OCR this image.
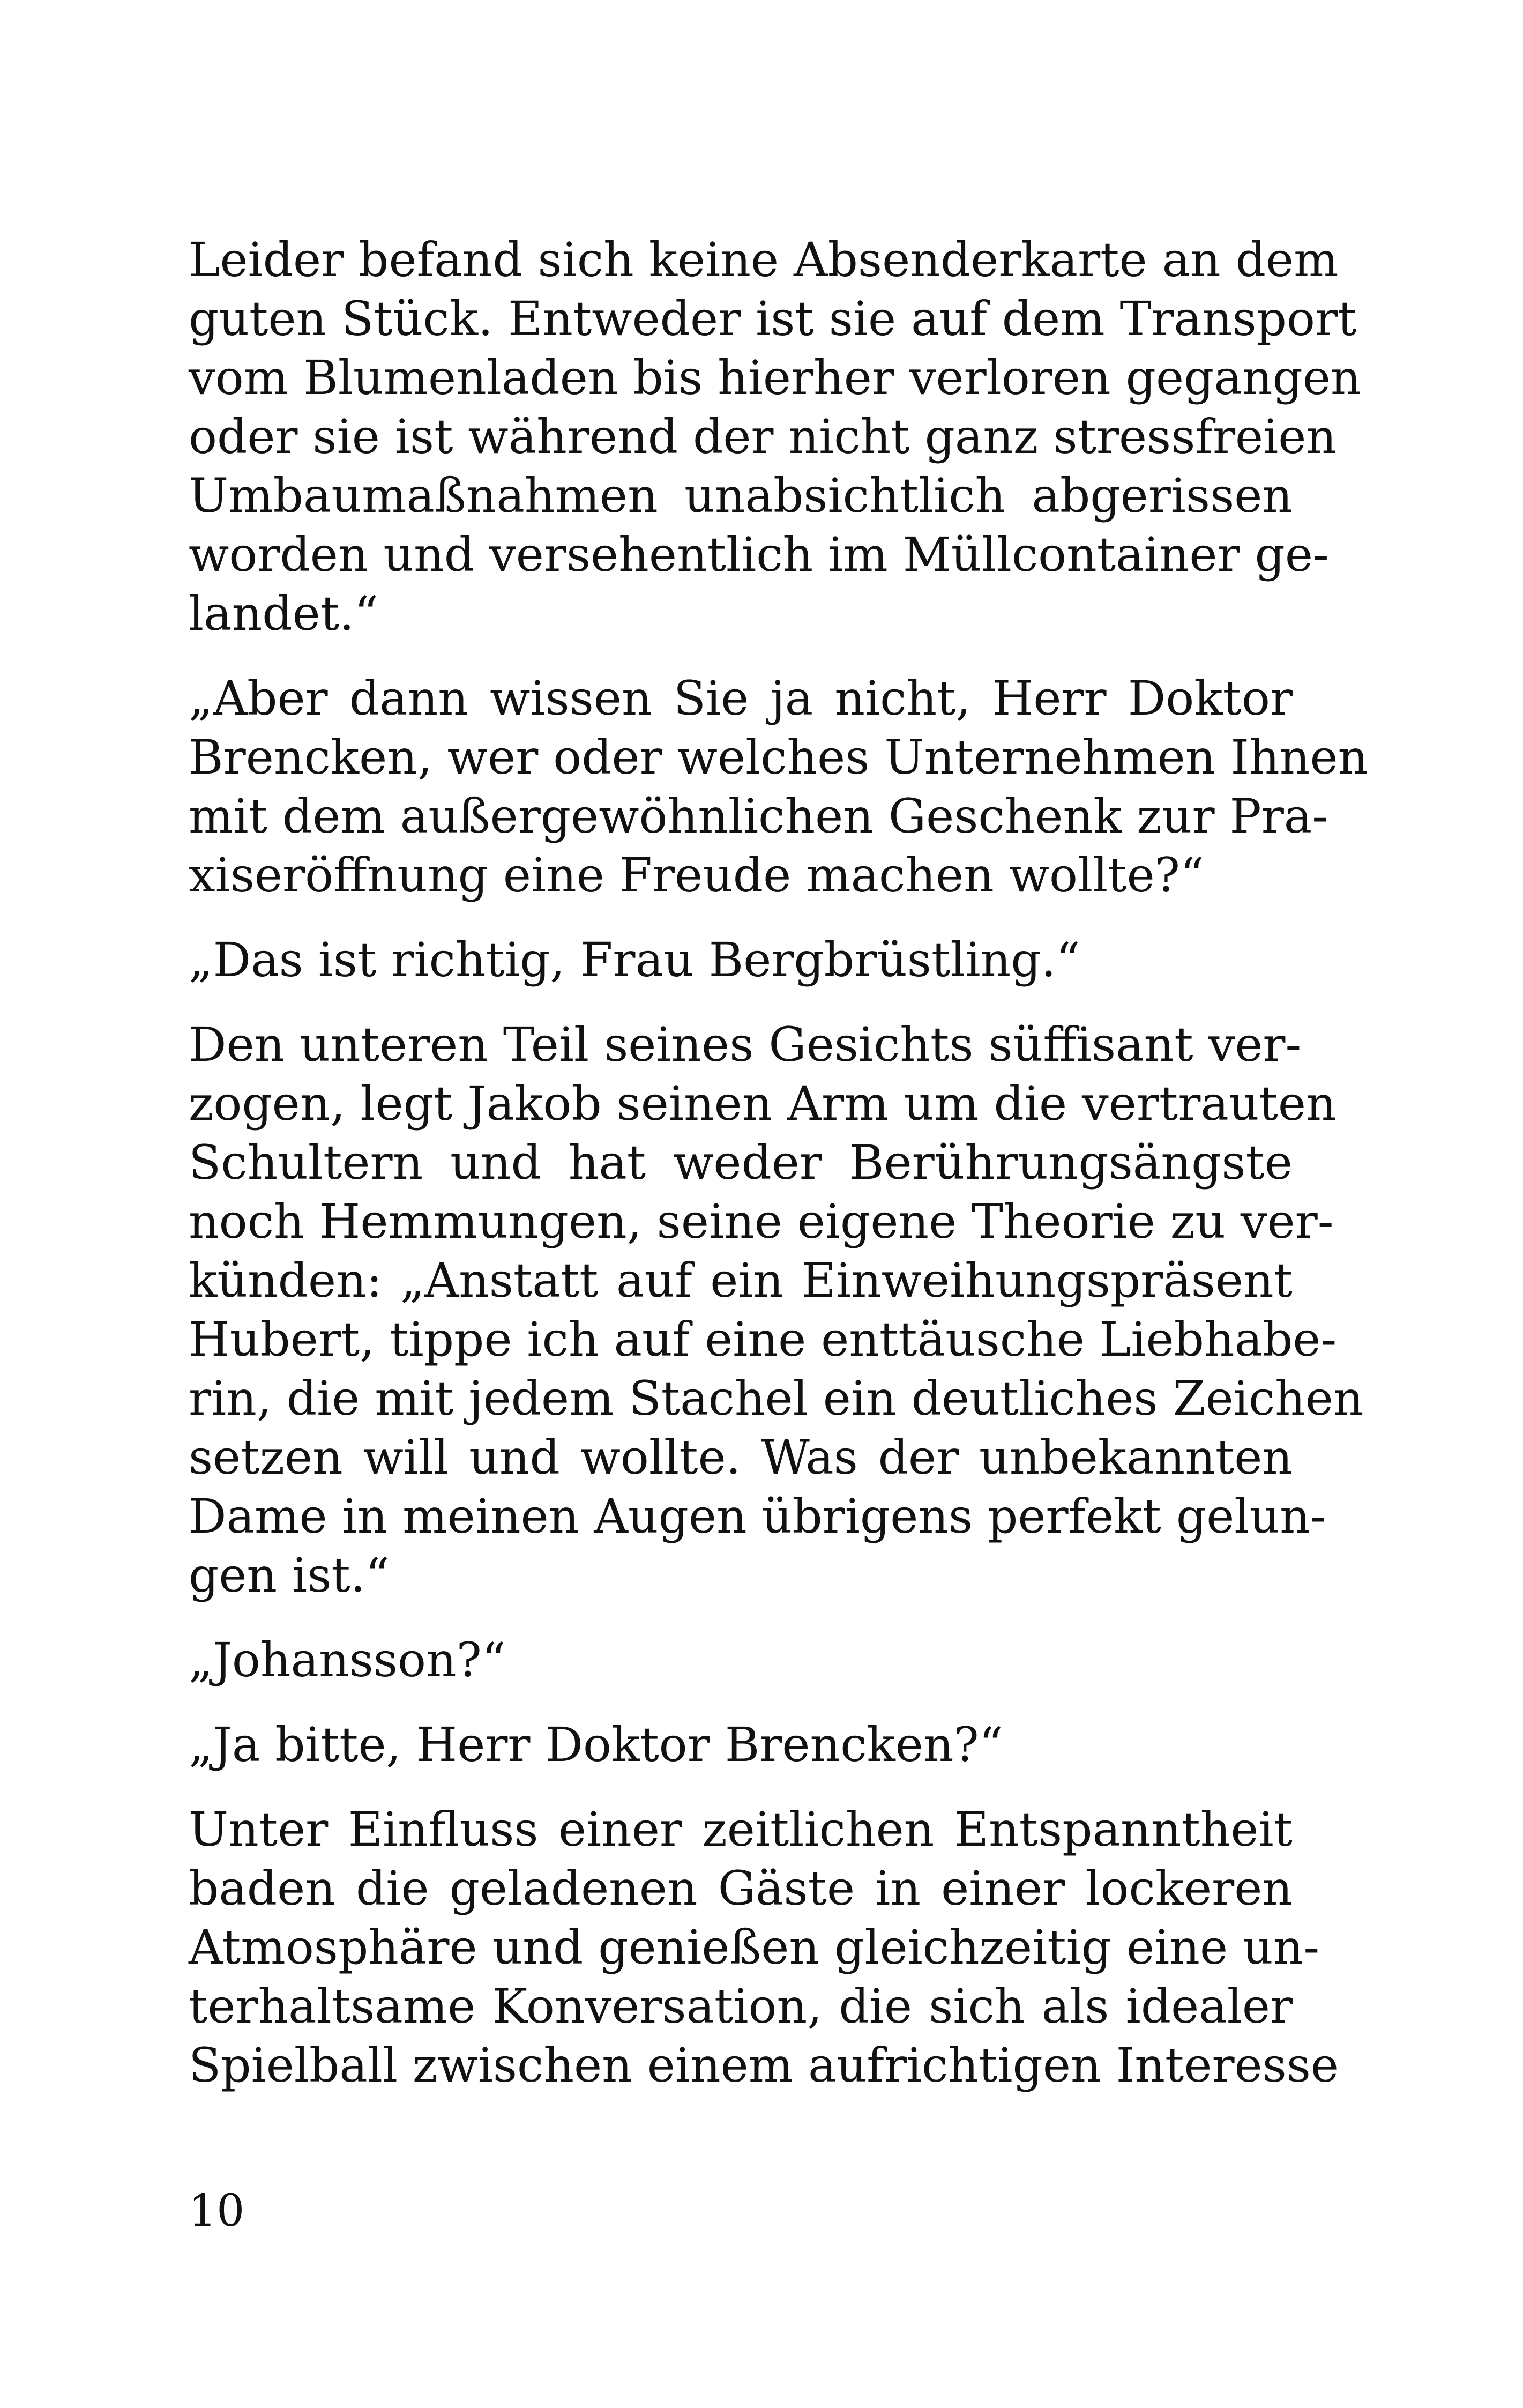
Leider befand sich keine Absenderkarte an dem
guten Stück. Entweder ist sie auf dem Transport
vom Blumenladen bis hierher verloren gegangen
oder sie ist während der nicht ganz stressfreien
Umbaumaßnahmen unabsichtlich abgerissen
worden und versehentlich im Müllcontainer ge-
landet.“

„Aber dann wissen Sie ja nicht, Herr Doktor
Brencken, wer oder welches Unternehmen Ihnen
mit dem außergewöhnlichen Geschenk zur Pra-
xiseröffnung eine Freude machen wollte?“

„Das ist richtig, Frau Bergbrüstling.“

Den unteren Teil seines Gesichts süffisant ver-
zogen, legt Jakob seinen Arm um die vertrauten
Schultern und hat weder Berührungsängste
noch Hemmungen, seine eigene Theorie zu ver-
künden: „Anstatt auf ein Einweihungspräsent
Hubert, tippe ich auf eine enttäusche Liebhabe-
rin, die mit jedem Stachel ein deutliches Zeichen
setzen will und wollte. Was der unbekannten
Dame in meinen Augen übrigens perfekt gelun-
gen ist.“

„Johansson?“

„Ja bitte, Herr Doktor Brencken?“

Unter Einfluss einer zeitlichen Entspanntheit
baden die geladenen Gäste in einer lockeren
Atmosphäre und genießen gleichzeitig eine un-
terhaltsame Konversation, die sich als idealer
Spielball zwischen einem aufrichtigen Interesse

10
